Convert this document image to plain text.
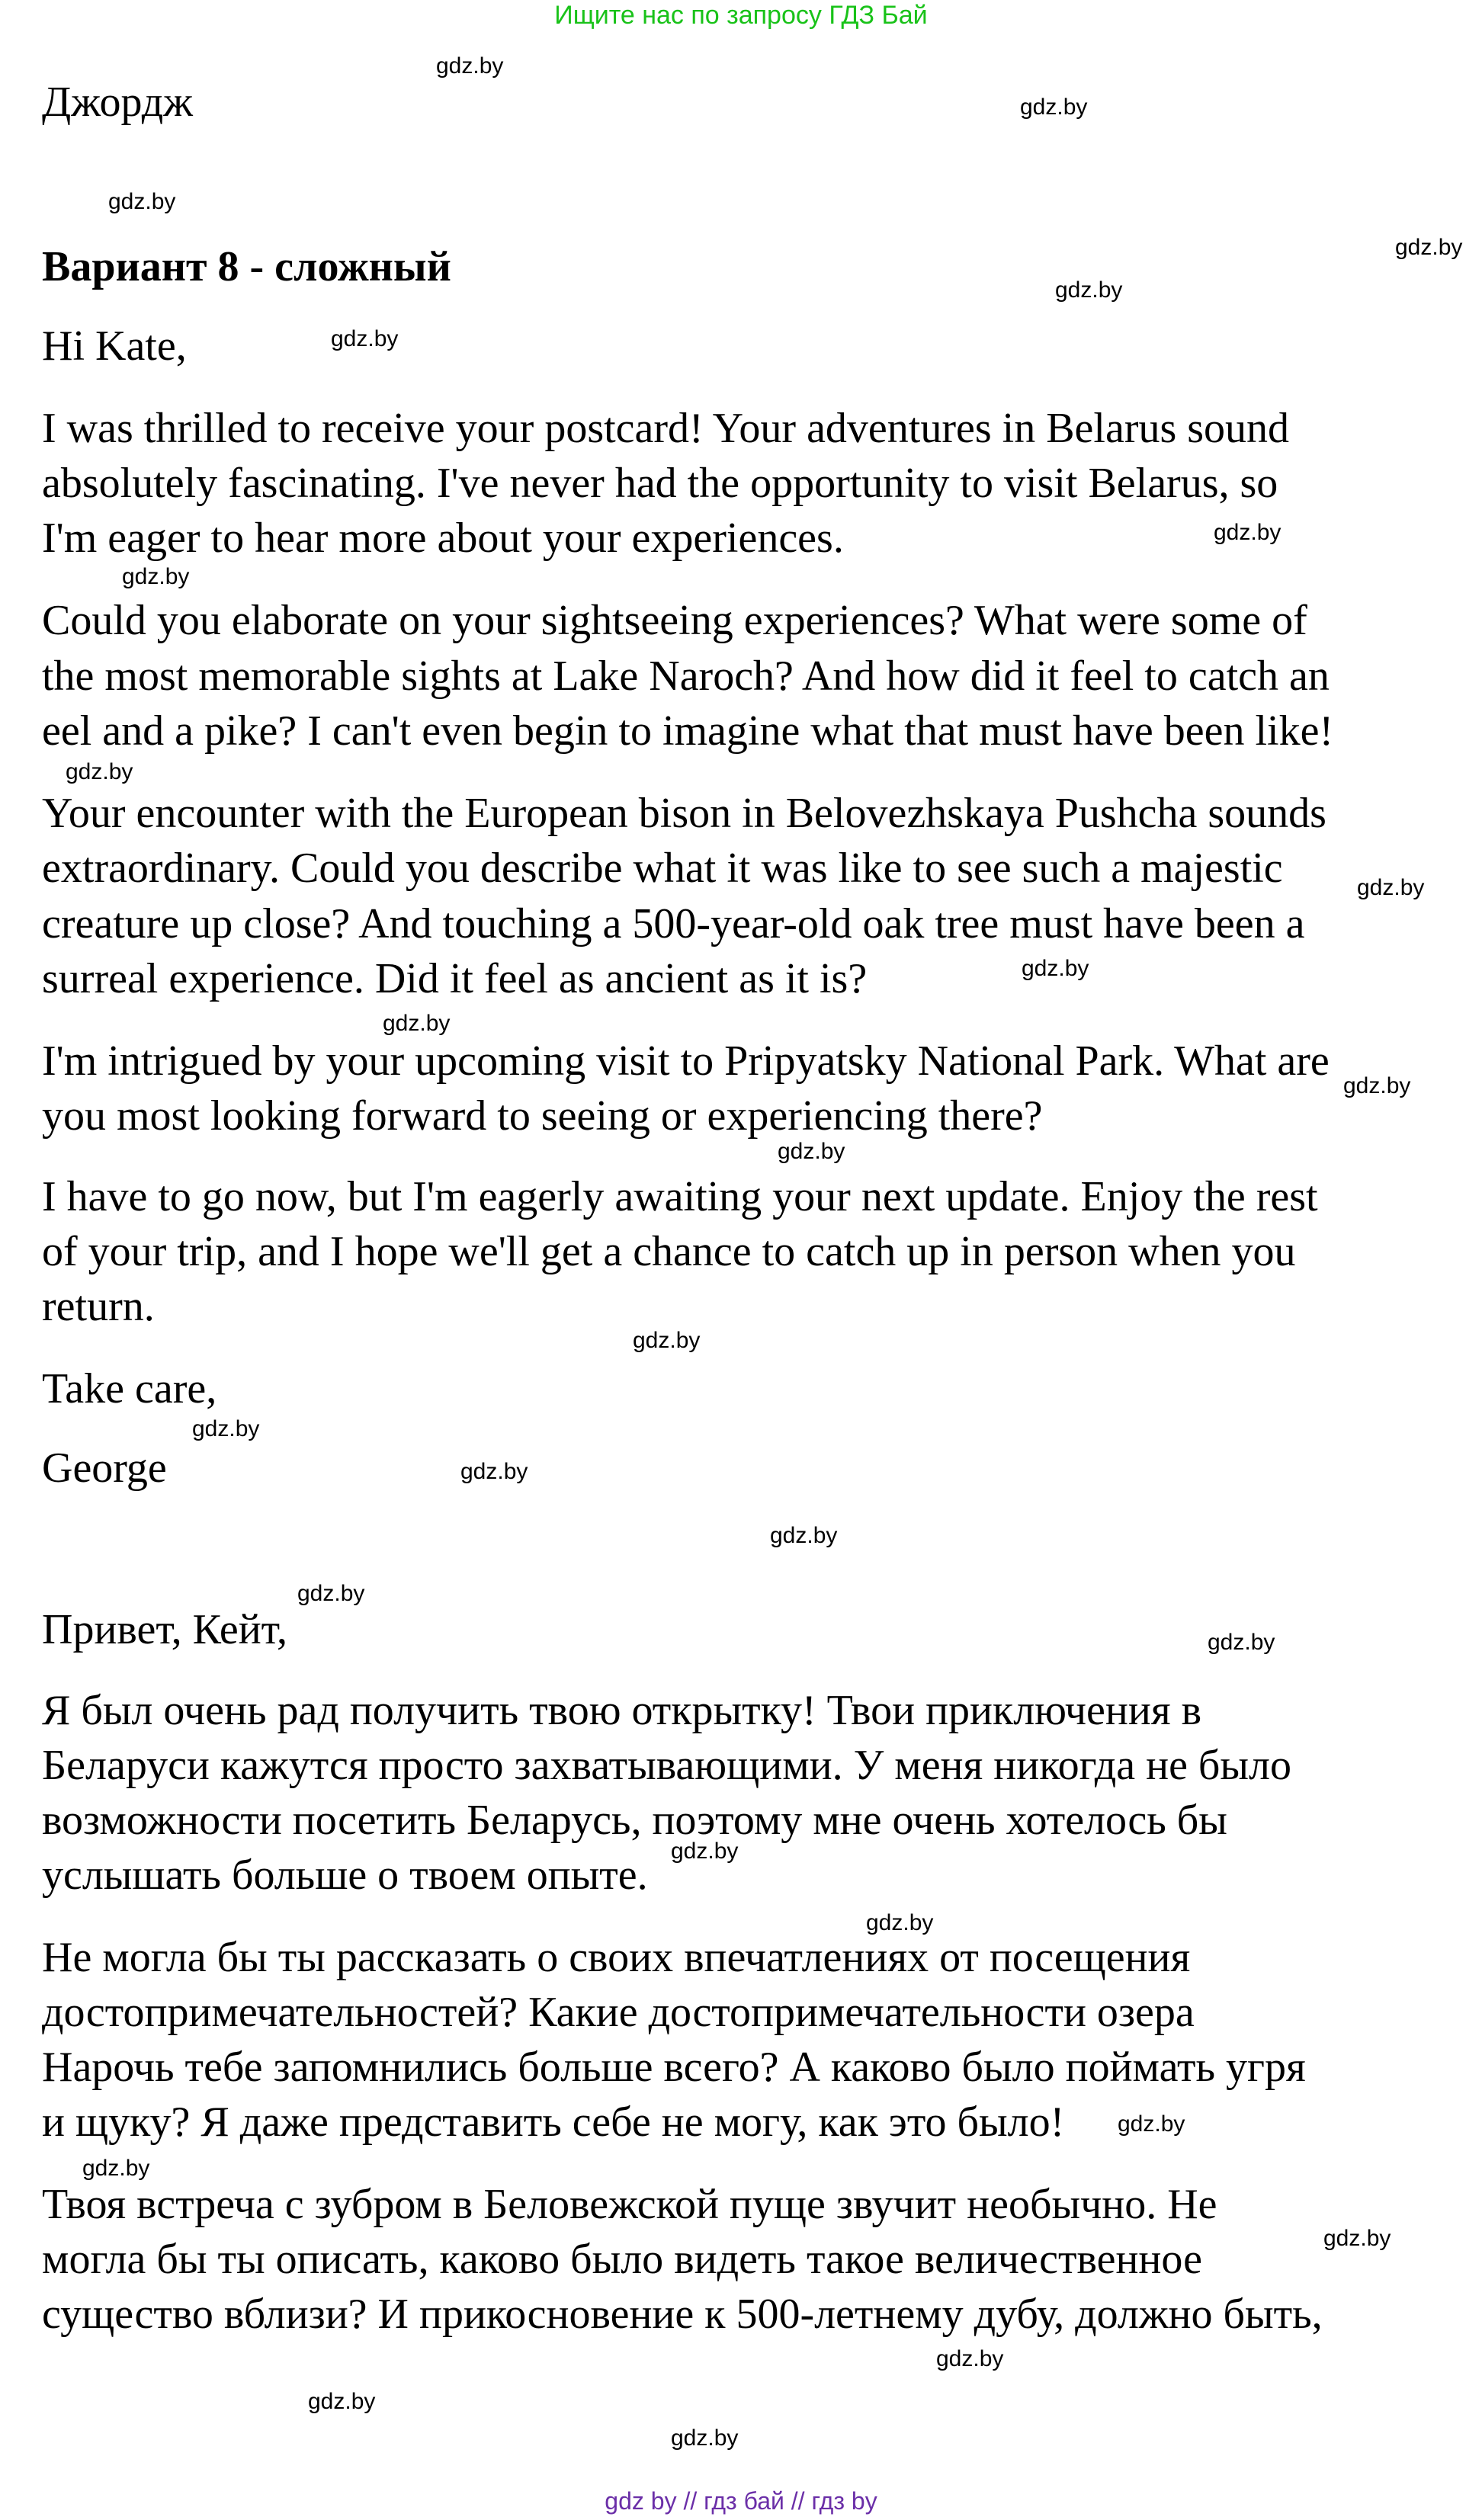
Ищите нас по запросу ГДЗ Бай
Джордж
Вариант 8 - сложный
Hi Kate,
I was thrilled to receive your postcard! Your adventures in Belarus sound
absolutely fascinating. I've never had the opportunity to visit Belarus, so
I'm eager to hear more about your experiences.
Could you elaborate on your sightseeing experiences? What were some of
the most memorable sights at Lake Naroch? And how did it feel to catch an
eel and a pike? I can't even begin to imagine what that must have been like!
Your encounter with the European bison in Belovezhskaya Pushcha sounds
extraordinary. Could you describe what it was like to see such a majestic
creature up close? And touching a 500-year-old oak tree must have been a
surreal experience. Did it feel as ancient as it is?
I'm intrigued by your upcoming visit to Pripyatsky National Park. What are
you most looking forward to seeing or experiencing there?
I have to go now, but I'm eagerly awaiting your next update. Enjoy the rest
of your trip, and I hope we'll get a chance to catch up in person when you
return.
Take care,
George
Привет, Кейт,
Я был очень рад получить твою открытку! Твои приключения в
Беларуси кажутся просто захватывающими. У меня никогда не было
возможности посетить Беларусь, поэтому мне очень хотелось бы
услышать больше о твоем опыте.
Не могла бы ты рассказать о своих впечатлениях от посещения
достопримечательностей? Какие достопримечательности озера
Нарочь тебе запомнились больше всего? А каково было поймать угря
и щуку? Я даже представить себе не могу, как это было!
Твоя встреча с зубром в Беловежской пуще звучит необычно. Не
могла бы ты описать, каково было видеть такое величественное
существо вблизи? И прикосновение к 500-летнему дубу, должно быть,
gdz.by
gdz.by
gdz.by
gdz.by
gdz.by
gdz.by
gdz.by
gdz.by
gdz.by
gdz.by
gdz.by
gdz.by
gdz.by
gdz.by
gdz.by
gdz.by
gdz.by
gdz.by
gdz.by
gdz.by
gdz.by
gdz.by
gdz.by
gdz.by
gdz.by
gdz.by
gdz.by
gdz.by
gdz by // гдз бай // гдз by
